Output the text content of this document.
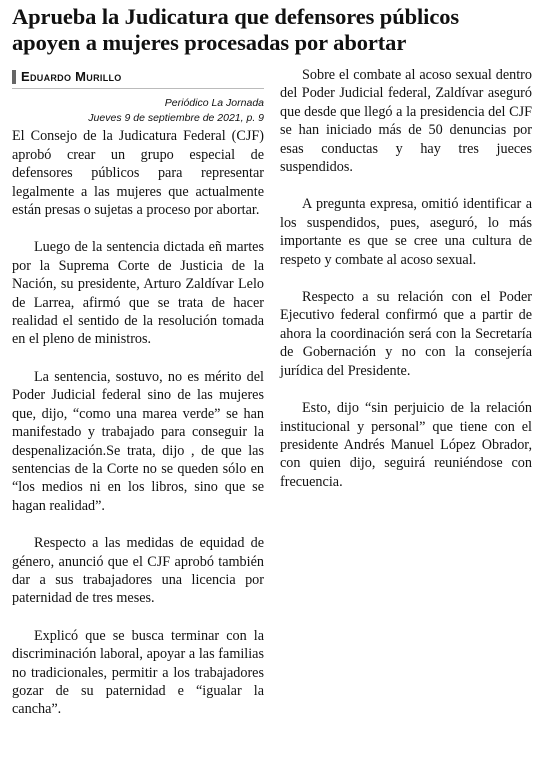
Aprueba la Judicatura que defensores públicos apoyen a mujeres procesadas por abortar
Eduardo Murillo
Periódico La Jornada
Jueves 9 de septiembre de 2021, p. 9

El Consejo de la Judicatura Federal (CJF) aprobó crear un grupo especial de defensores públicos para representar legalmente a las mujeres que actualmente están presas o sujetas a proceso por abortar.

Luego de la sentencia dictada eñ martes por la Suprema Corte de Justicia de la Nación, su presidente, Arturo Zaldívar Lelo de Larrea, afirmó que se trata de hacer realidad el sentido de la resolución tomada en el pleno de ministros.

La sentencia, sostuvo, no es mérito del Poder Judicial federal sino de las mujeres que, dijo, “como una marea verde” se han manifestado y trabajado para conseguir la despenalización.Se trata, dijo , de que las sentencias de la Corte no se queden sólo en “los medios ni en los libros, sino que se hagan realidad”.

Respecto a las medidas de equidad de género, anunció que el CJF aprobó también dar a sus trabajadores una licencia por paternidad de tres meses.

Explicó que se busca terminar con la discriminación laboral, apoyar a las familias no tradicionales, permitir a los trabajadores gozar de su paternidad e “igualar la cancha”.

Sobre el combate al acoso sexual dentro del Poder Judicial federal, Zaldívar aseguró que desde que llegó a la presidencia del CJF se han iniciado más de 50 denuncias por esas conductas y hay tres jueces suspendidos.

A pregunta expresa, omitió identificar a los suspendidos, pues, aseguró, lo más importante es que se cree una cultura de respeto y combate al acoso sexual.

Respecto a su relación con el Poder Ejecutivo federal confirmó que a partir de ahora la coordinación será con la Secretaría de Gobernación y no con la consejería jurídica del Presidente.

Esto, dijo “sin perjuicio de la relación institucional y personal” que tiene con el presidente Andrés Manuel López Obrador, con quien dijo, seguirá reuniéndose con frecuencia.
